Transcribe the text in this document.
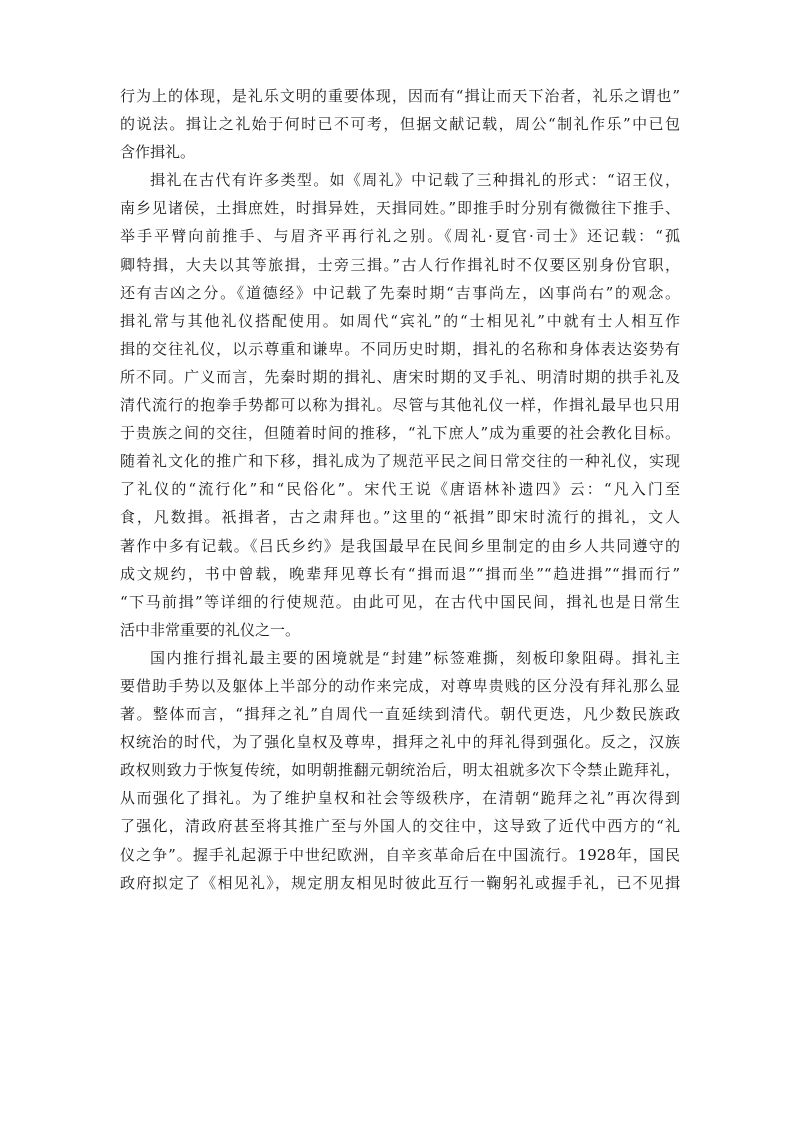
行为上的体现，是礼乐文明的重要体现，因而有“揖让而天下治者，礼乐之谓也”
的说法。揖让之礼始于何时已不可考，但据文献记载，周公“制礼作乐”中已包
含作揖礼。
揖礼在古代有许多类型。如《周礼》中记载了三种揖礼的形式：“诏王仪，
南乡见诸侯，土揖庶姓，时揖异姓，天揖同姓。”即推手时分别有微微往下推手、
举手平臂向前推手、与眉齐平再行礼之别。《周礼·夏官·司士》还记载：“孤
卿特揖，大夫以其等旅揖，士旁三揖。”古人行作揖礼时不仅要区别身份官职，
还有吉凶之分。《道德经》中记载了先秦时期“吉事尚左，凶事尚右”的观念。
揖礼常与其他礼仪搭配使用。如周代“宾礼”的“士相见礼”中就有士人相互作
揖的交往礼仪，以示尊重和谦卑。不同历史时期，揖礼的名称和身体表达姿势有
所不同。广义而言，先秦时期的揖礼、唐宋时期的叉手礼、明清时期的拱手礼及
清代流行的抱拳手势都可以称为揖礼。尽管与其他礼仪一样，作揖礼最早也只用
于贵族之间的交往，但随着时间的推移，“礼下庶人”成为重要的社会教化目标。
随着礼文化的推广和下移，揖礼成为了规范平民之间日常交往的一种礼仪，实现
了礼仪的“流行化”和“民俗化”。宋代王说《唐语林补遗四》云：“凡入门至
食，凡数揖。祇揖者，古之肃拜也。”这里的“祇揖”即宋时流行的揖礼，文人
著作中多有记载。《吕氏乡约》是我国最早在民间乡里制定的由乡人共同遵守的
成文规约，书中曾载，晚辈拜见尊长有“揖而退”“揖而坐”“趋进揖”“揖而行”
“下马前揖”等详细的行使规范。由此可见，在古代中国民间，揖礼也是日常生
活中非常重要的礼仪之一。
国内推行揖礼最主要的困境就是“封建”标签难撕，刻板印象阻碍。揖礼主
要借助手势以及躯体上半部分的动作来完成，对尊卑贵贱的区分没有拜礼那么显
著。整体而言，“揖拜之礼”自周代一直延续到清代。朝代更迭，凡少数民族政
权统治的时代，为了强化皇权及尊卑，揖拜之礼中的拜礼得到强化。反之，汉族
政权则致力于恢复传统，如明朝推翻元朝统治后，明太祖就多次下令禁止跪拜礼，
从而强化了揖礼。为了维护皇权和社会等级秩序，在清朝“跪拜之礼”再次得到
了强化，清政府甚至将其推广至与外国人的交往中，这导致了近代中西方的“礼
仪之争”。握手礼起源于中世纪欧洲，自辛亥革命后在中国流行。1928年，国民
政府拟定了《相见礼》，规定朋友相见时彼此互行一鞠躬礼或握手礼，已不见揖
